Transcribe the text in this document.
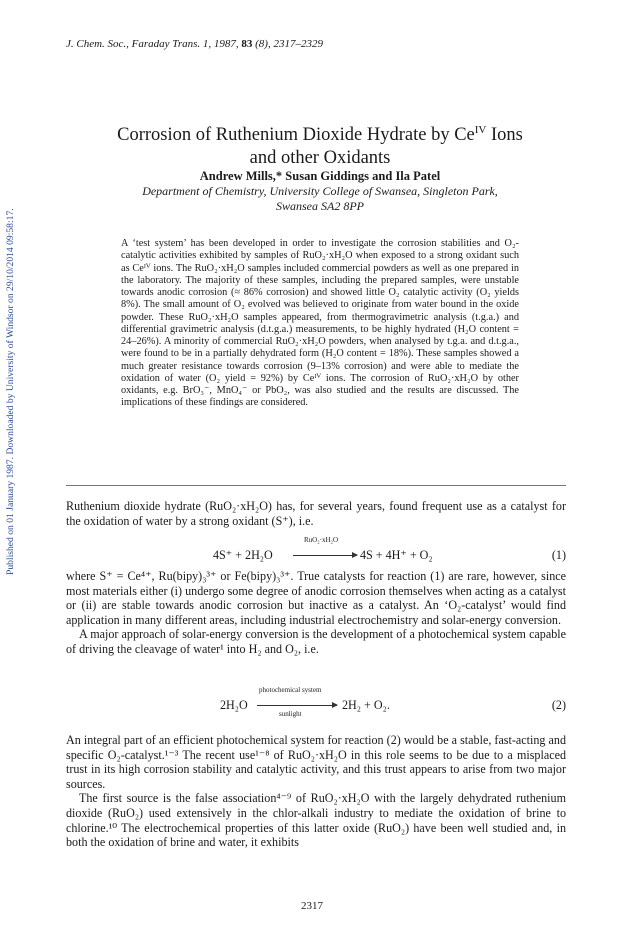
Published on 01 January 1987. Downloaded by University of Windsor on 29/10/2014 09:58:17.
J. Chem. Soc., Faraday Trans. 1, 1987, 83 (8), 2317–2329
Corrosion of Ruthenium Dioxide Hydrate by $Ce^{IV}$ Ions
and other Oxidants
Andrew Mills,* Susan Giddings and Ila Patel
Department of Chemistry, University College of Swansea, Singleton Park,
Swansea SA2 8PP
A ‘test system’ has been developed in order to investigate the corrosion stabilities and O₂-catalytic activities exhibited by samples of RuO₂·xH₂O when exposed to a strong oxidant such as Ceᴵⱽ ions. The RuO₂·xH₂O samples included commercial powders as well as one prepared in the laboratory. The majority of these samples, including the prepared samples, were unstable towards anodic corrosion (≈ 86% corrosion) and showed little O₂ catalytic activity (O₂ yields 8%). The small amount of O₂ evolved was believed to originate from water bound in the oxide powder. These RuO₂·xH₂O samples appeared, from thermogravimetric analysis (t.g.a.) and differential gravimetric analysis (d.t.g.a.) measurements, to be highly hydrated (H₂O content = 24–26%). A minority of commercial RuO₂·xH₂O powders, when analysed by t.g.a. and d.t.g.a., were found to be in a partially dehydrated form (H₂O content = 18%). These samples showed a much greater resistance towards corrosion (9–13% corrosion) and were able to mediate the oxidation of water (O₂ yield = 92%) by Ceᴵⱽ ions. The corrosion of RuO₂·xH₂O by other oxidants, e.g. BrO₃⁻, MnO₄⁻ or PbO₂, was also studied and the results are discussed. The implications of these findings are considered.

Ruthenium dioxide hydrate (RuO₂·xH₂O) has, for several years, found frequent use as a catalyst for the oxidation of water by a strong oxidant (S⁺), i.e.

4S⁺ + 2H₂O
RuO₂·xH₂O
4S + 4H⁺ + O₂	(1)

where S⁺ = Ce⁴⁺, Ru(bipy)₃³⁺ or Fe(bipy)₃³⁺. True catalysts for reaction (1) are rare, however, since most materials either (i) undergo some degree of anodic corrosion themselves when acting as a catalyst or (ii) are stable towards anodic corrosion but inactive as a catalyst. An ‘O₂-catalyst’ would find application in many different areas, including industrial electrochemistry and solar-energy conversion.

A major approach of solar-energy conversion is the development of a photochemical system capable of driving the cleavage of water¹ into H₂ and O₂, i.e.

2H₂O
photochemical system
sunlight
2H₂ + O₂.	(2)

An integral part of an efficient photochemical system for reaction (2) would be a stable, fast-acting and specific O₂-catalyst.¹⁻³ The recent use¹⁻⁸ of RuO₂·xH₂O in this role seems to be due to a misplaced trust in its high corrosion stability and catalytic activity, and this trust appears to arise from two major sources.

The first source is the false association⁴⁻⁹ of RuO₂·xH₂O with the largely dehydrated ruthenium dioxide (RuO₂) used extensively in the chlor-alkali industry to mediate the oxidation of brine to chlorine.¹⁰ The electrochemical properties of this latter oxide (RuO₂) have been well studied and, in both the oxidation of brine and water, it exhibits

2317
